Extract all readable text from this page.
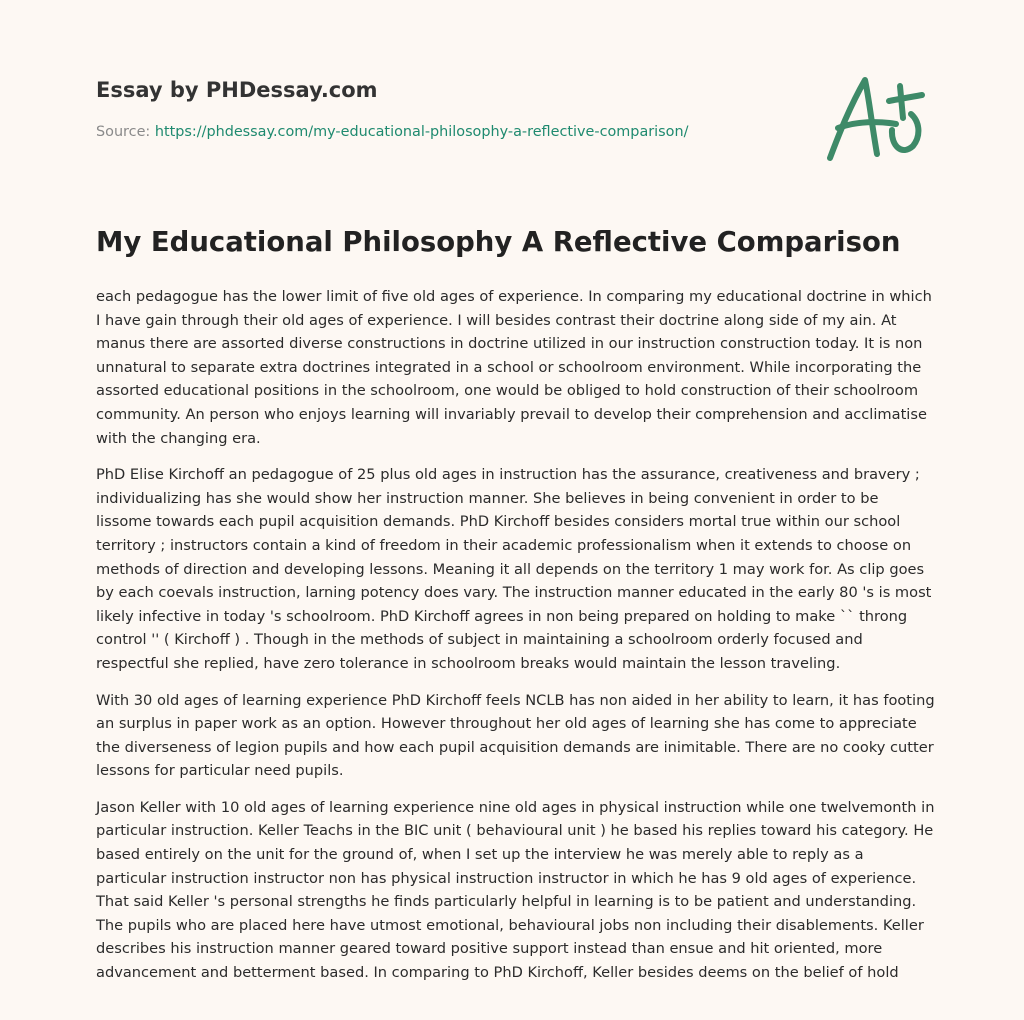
Essay by PHDessay.com
Source: https://phdessay.com/my-educational-philosophy-a-reflective-comparison/
My Educational Philosophy A Reflective Comparison

each pedagogue has the lower limit of five old ages of experience. In comparing my educational doctrine in which I have gain through their old ages of experience. I will besides contrast their doctrine along side of my ain. At manus there are assorted diverse constructions in doctrine utilized in our instruction construction today. It is non unnatural to separate extra doctrines integrated in a school or schoolroom environment. While incorporating the assorted educational positions in the schoolroom, one would be obliged to hold construction of their schoolroom community. An person who enjoys learning will invariably prevail to develop their comprehension and acclimatise with the changing era.

PhD Elise Kirchoff an pedagogue of 25 plus old ages in instruction has the assurance, creativeness and bravery ; individualizing has she would show her instruction manner. She believes in being convenient in order to be lissome towards each pupil acquisition demands. PhD Kirchoff besides considers mortal true within our school territory ; instructors contain a kind of freedom in their academic professionalism when it extends to choose on methods of direction and developing lessons. Meaning it all depends on the territory 1 may work for. As clip goes by each coevals instruction, larning potency does vary. The instruction manner educated in the early 80 's is most likely infective in today 's schoolroom. PhD Kirchoff agrees in non being prepared on holding to make `` throng control '' ( Kirchoff ) . Though in the methods of subject in maintaining a schoolroom orderly focused and respectful she replied, have zero tolerance in schoolroom breaks would maintain the lesson traveling.

With 30 old ages of learning experience PhD Kirchoff feels NCLB has non aided in her ability to learn, it has footing an surplus in paper work as an option. However throughout her old ages of learning she has come to appreciate the diverseness of legion pupils and how each pupil acquisition demands are inimitable. There are no cooky cutter lessons for particular need pupils.

Jason Keller with 10 old ages of learning experience nine old ages in physical instruction while one twelvemonth in particular instruction. Keller Teachs in the BIC unit ( behavioural unit ) he based his replies toward his category. He based entirely on the unit for the ground of, when I set up the interview he was merely able to reply as a particular instruction instructor non has physical instruction instructor in which he has 9 old ages of experience. That said Keller 's personal strengths he finds particularly helpful in learning is to be patient and understanding. The pupils who are placed here have utmost emotional, behavioural jobs non including their disablements. Keller describes his instruction manner geared toward positive support instead than ensue and hit oriented, more advancement and betterment based. In comparing to PhD Kirchoff, Keller besides deems on the belief of hold
